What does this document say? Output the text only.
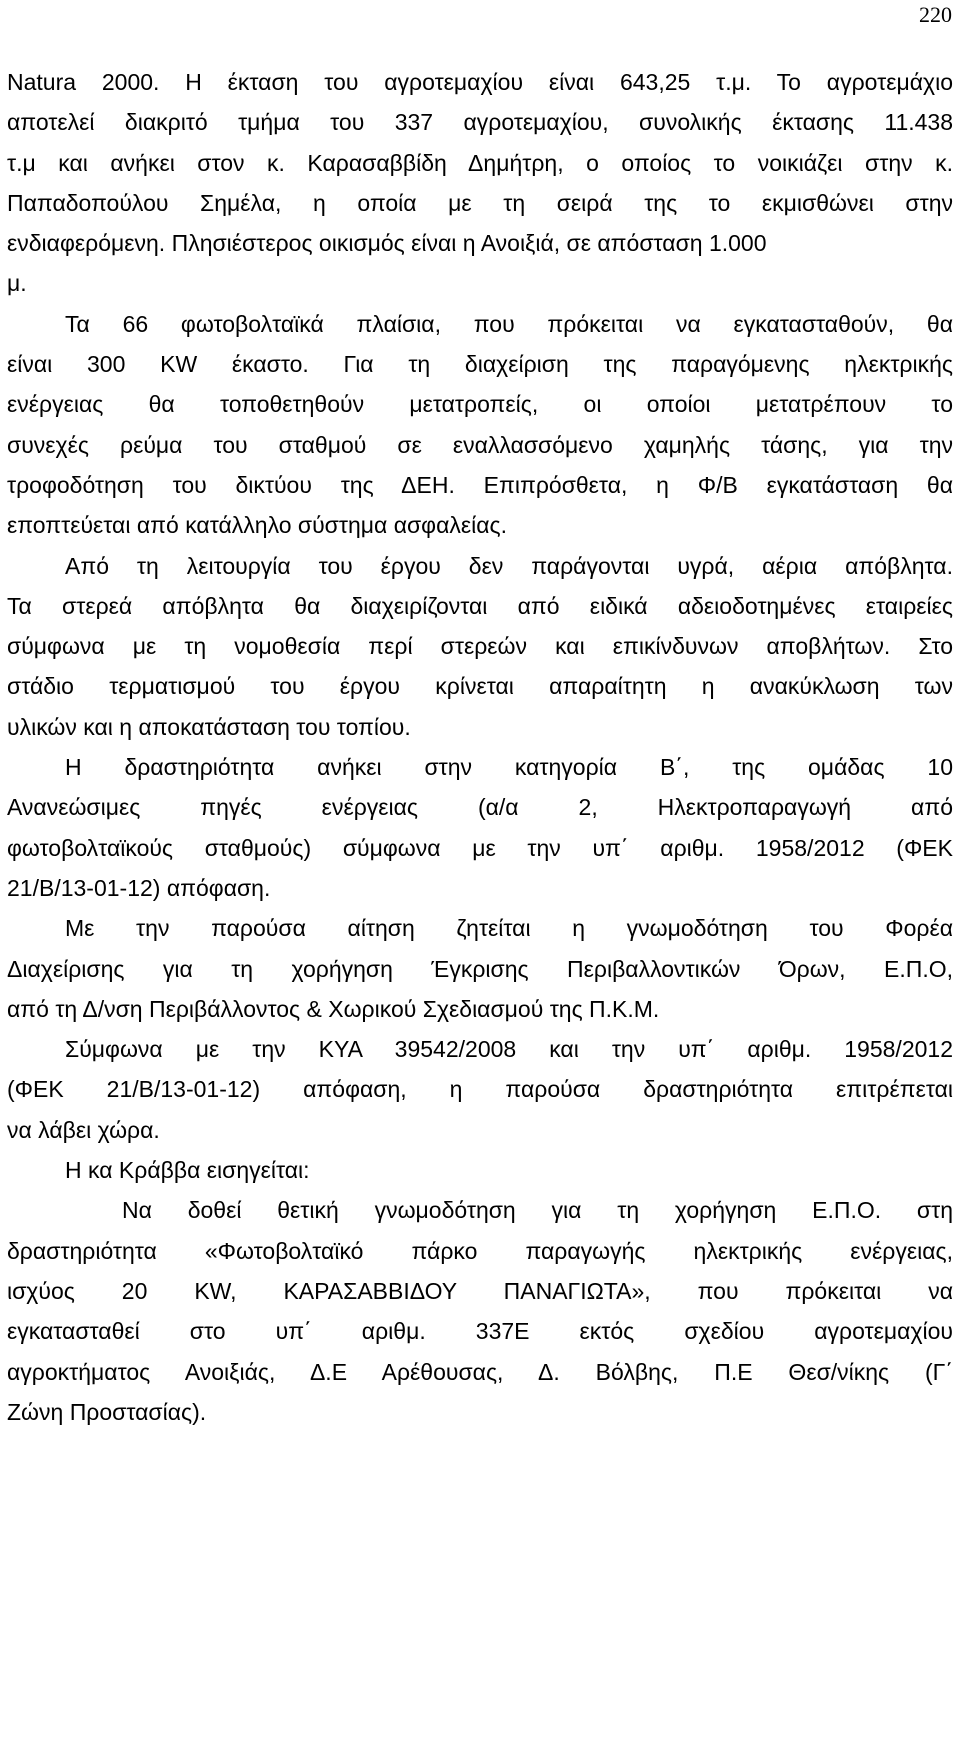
220
Natura 2000. Η έκταση του αγροτεμαχίου είναι 643,25 τ.μ. Το αγροτεμάχιο
αποτελεί διακριτό τμήμα του 337 αγροτεμαχίου, συνολικής έκτασης 11.438
τ.μ και ανήκει στον κ. Καρασαββίδη Δημήτρη, ο οποίος το νοικιάζει στην κ.
Παπαδοπούλου Σημέλα, η οποία με τη σειρά της το εκμισθώνει στην
ενδιαφερόμενη. Πλησιέστερος οικισμός είναι η Ανοιξιά, σε απόσταση 1.000
μ.
Τα 66 φωτοβολταϊκά πλαίσια, που πρόκειται να εγκατασταθούν, θα
είναι 300 KW έκαστο. Για τη διαχείριση της παραγόμενης ηλεκτρικής
ενέργειας θα τοποθετηθούν μετατροπείς, οι οποίοι μετατρέπουν το
συνεχές ρεύμα του σταθμού σε εναλλασσόμενο χαμηλής τάσης, για την
τροφοδότηση του δικτύου της ΔΕΗ. Επιπρόσθετα, η Φ/Β εγκατάσταση θα
εποπτεύεται από κατάλληλο σύστημα ασφαλείας.
Από τη λειτουργία του έργου δεν παράγονται υγρά, αέρια απόβλητα.
Τα στερεά απόβλητα θα διαχειρίζονται από ειδικά αδειοδοτημένες εταιρείες
σύμφωνα με τη νομοθεσία περί στερεών και επικίνδυνων αποβλήτων. Στο
στάδιο τερματισμού του έργου κρίνεται απαραίτητη η ανακύκλωση των
υλικών και η αποκατάσταση του τοπίου.
Η δραστηριότητα ανήκει στην κατηγορία Β΄, της ομάδας 10
Ανανεώσιμες πηγές ενέργειας (α/α 2, Ηλεκτροπαραγωγή από
φωτοβολταϊκούς σταθμούς) σύμφωνα με την υπ΄ αριθμ. 1958/2012 (ΦΕΚ
21/Β/13-01-12) απόφαση.
Με την παρούσα αίτηση ζητείται η γνωμοδότηση του Φορέα
Διαχείρισης για τη χορήγηση Έγκρισης Περιβαλλοντικών Όρων, Ε.Π.Ο,
από τη Δ/νση Περιβάλλοντος & Χωρικού Σχεδιασμού της Π.Κ.Μ.
Σύμφωνα με την ΚΥΑ 39542/2008 και την υπ΄ αριθμ. 1958/2012
(ΦΕΚ 21/Β/13-01-12) απόφαση, η παρούσα δραστηριότητα επιτρέπεται
να λάβει χώρα.
Η κα Κράββα εισηγείται:
Να δοθεί θετική γνωμοδότηση για τη χορήγηση Ε.Π.Ο. στη
δραστηριότητα «Φωτοβολταϊκό πάρκο παραγωγής ηλεκτρικής ενέργειας,
ισχύος 20 KW, ΚΑΡΑΣΑΒΒΙΔΟΥ ΠΑΝΑΓΙΩΤΑ», που πρόκειται να
εγκατασταθεί στο υπ΄ αριθμ. 337Ε εκτός σχεδίου αγροτεμαχίου
αγροκτήματος Ανοιξιάς, Δ.Ε Αρέθουσας, Δ. Βόλβης, Π.Ε Θεσ/νίκης (Γ΄
Ζώνη Προστασίας).
